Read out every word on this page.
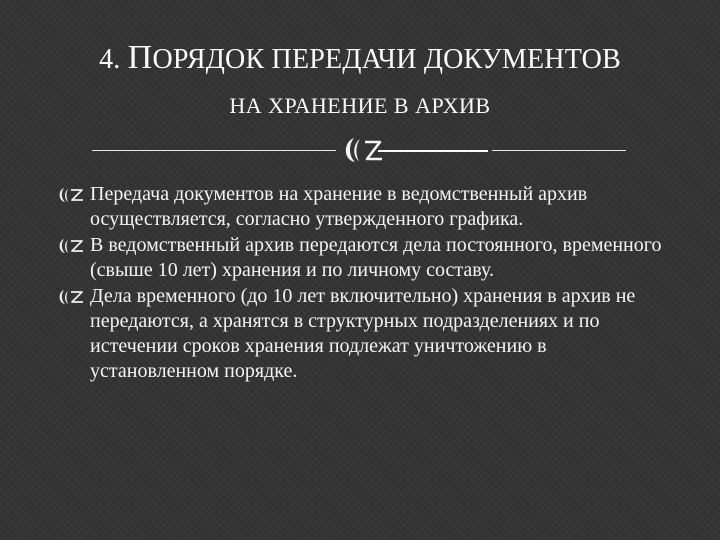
4. ПОРЯДОК ПЕРЕДАЧИ ДОКУМЕНТОВ
НА ХРАНЕНИЕ В АРХИВ
Передача документов на хранение в ведомственный архив осуществляется, согласно утвержденного графика.
В ведомственный архив передаются дела постоянного, временного (свыше 10 лет) хранения и по личному составу.
Дела временного (до 10 лет включительно) хранения в архив не передаются, а хранятся в структурных подразделениях и по истечении сроков хранения подлежат уничтожению в установленном порядке.
